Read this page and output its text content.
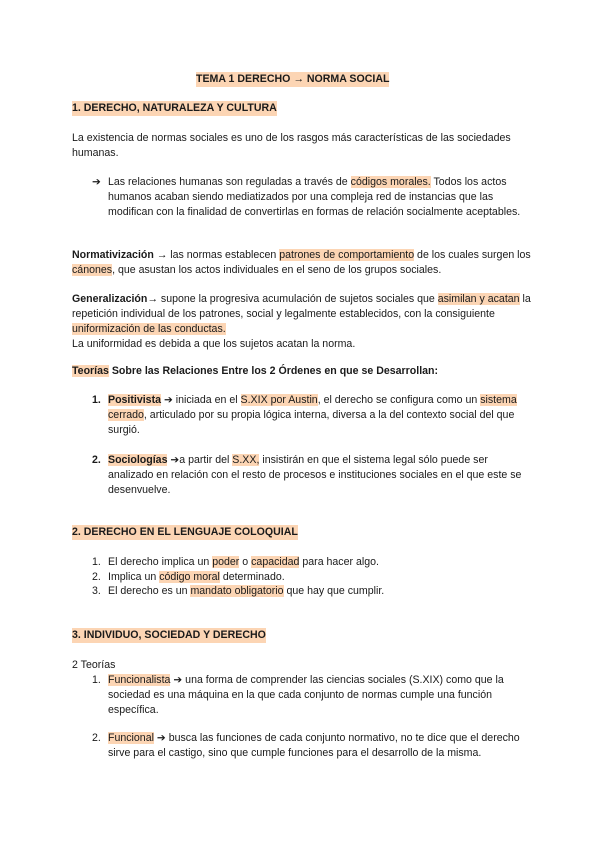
TEMA 1 DERECHO → NORMA SOCIAL
1. DERECHO, NATURALEZA Y CULTURA

La existencia de normas sociales es uno de los rasgos más características de las sociedades humanas.

➔ Las relaciones humanas son reguladas a través de códigos morales. Todos los actos humanos acaban siendo mediatizados por una compleja red de instancias que las modifican con la finalidad de convertirlas en formas de relación socialmente aceptables.

Normativización → las normas establecen patrones de comportamiento de los cuales surgen los cánones, que asustan los actos individuales en el seno de los grupos sociales.

Generalización→ supone la progresiva acumulación de sujetos sociales que asimilan y acatan la repetición individual de los patrones, social y legalmente establecidos, con la consiguiente uniformización de las conductas.

La uniformidad es debida a que los sujetos acatan la norma.

Teorías Sobre las Relaciones Entre los 2 Órdenes en que se Desarrollan:

1. Positivista ➔ iniciada en el S.XIX por Austin, el derecho se configura como un sistema cerrado, articulado por su propia lógica interna, diversa a la del contexto social del que surgió.

2. Sociologías ➔a partir del S.XX, insistirán en que el sistema legal sólo puede ser analizado en relación con el resto de procesos e instituciones sociales en el que este se desenvuelve.

2. DERECHO EN EL LENGUAJE COLOQUIAL
1. El derecho implica un poder o capacidad para hacer algo.

2. Implica un código moral determinado.

3. El derecho es un mandato obligatorio que hay que cumplir.

3. INDIVIDUO, SOCIEDAD Y DERECHO

2 Teorías

1. Funcionalista ➔ una forma de comprender las ciencias sociales (S.XIX) como que la sociedad es una máquina en la que cada conjunto de normas cumple una función específica.

2. Funcional ➔ busca las funciones de cada conjunto normativo, no te dice que el derecho sirve para el castigo, sino que cumple funciones para el desarrollo de la misma.
